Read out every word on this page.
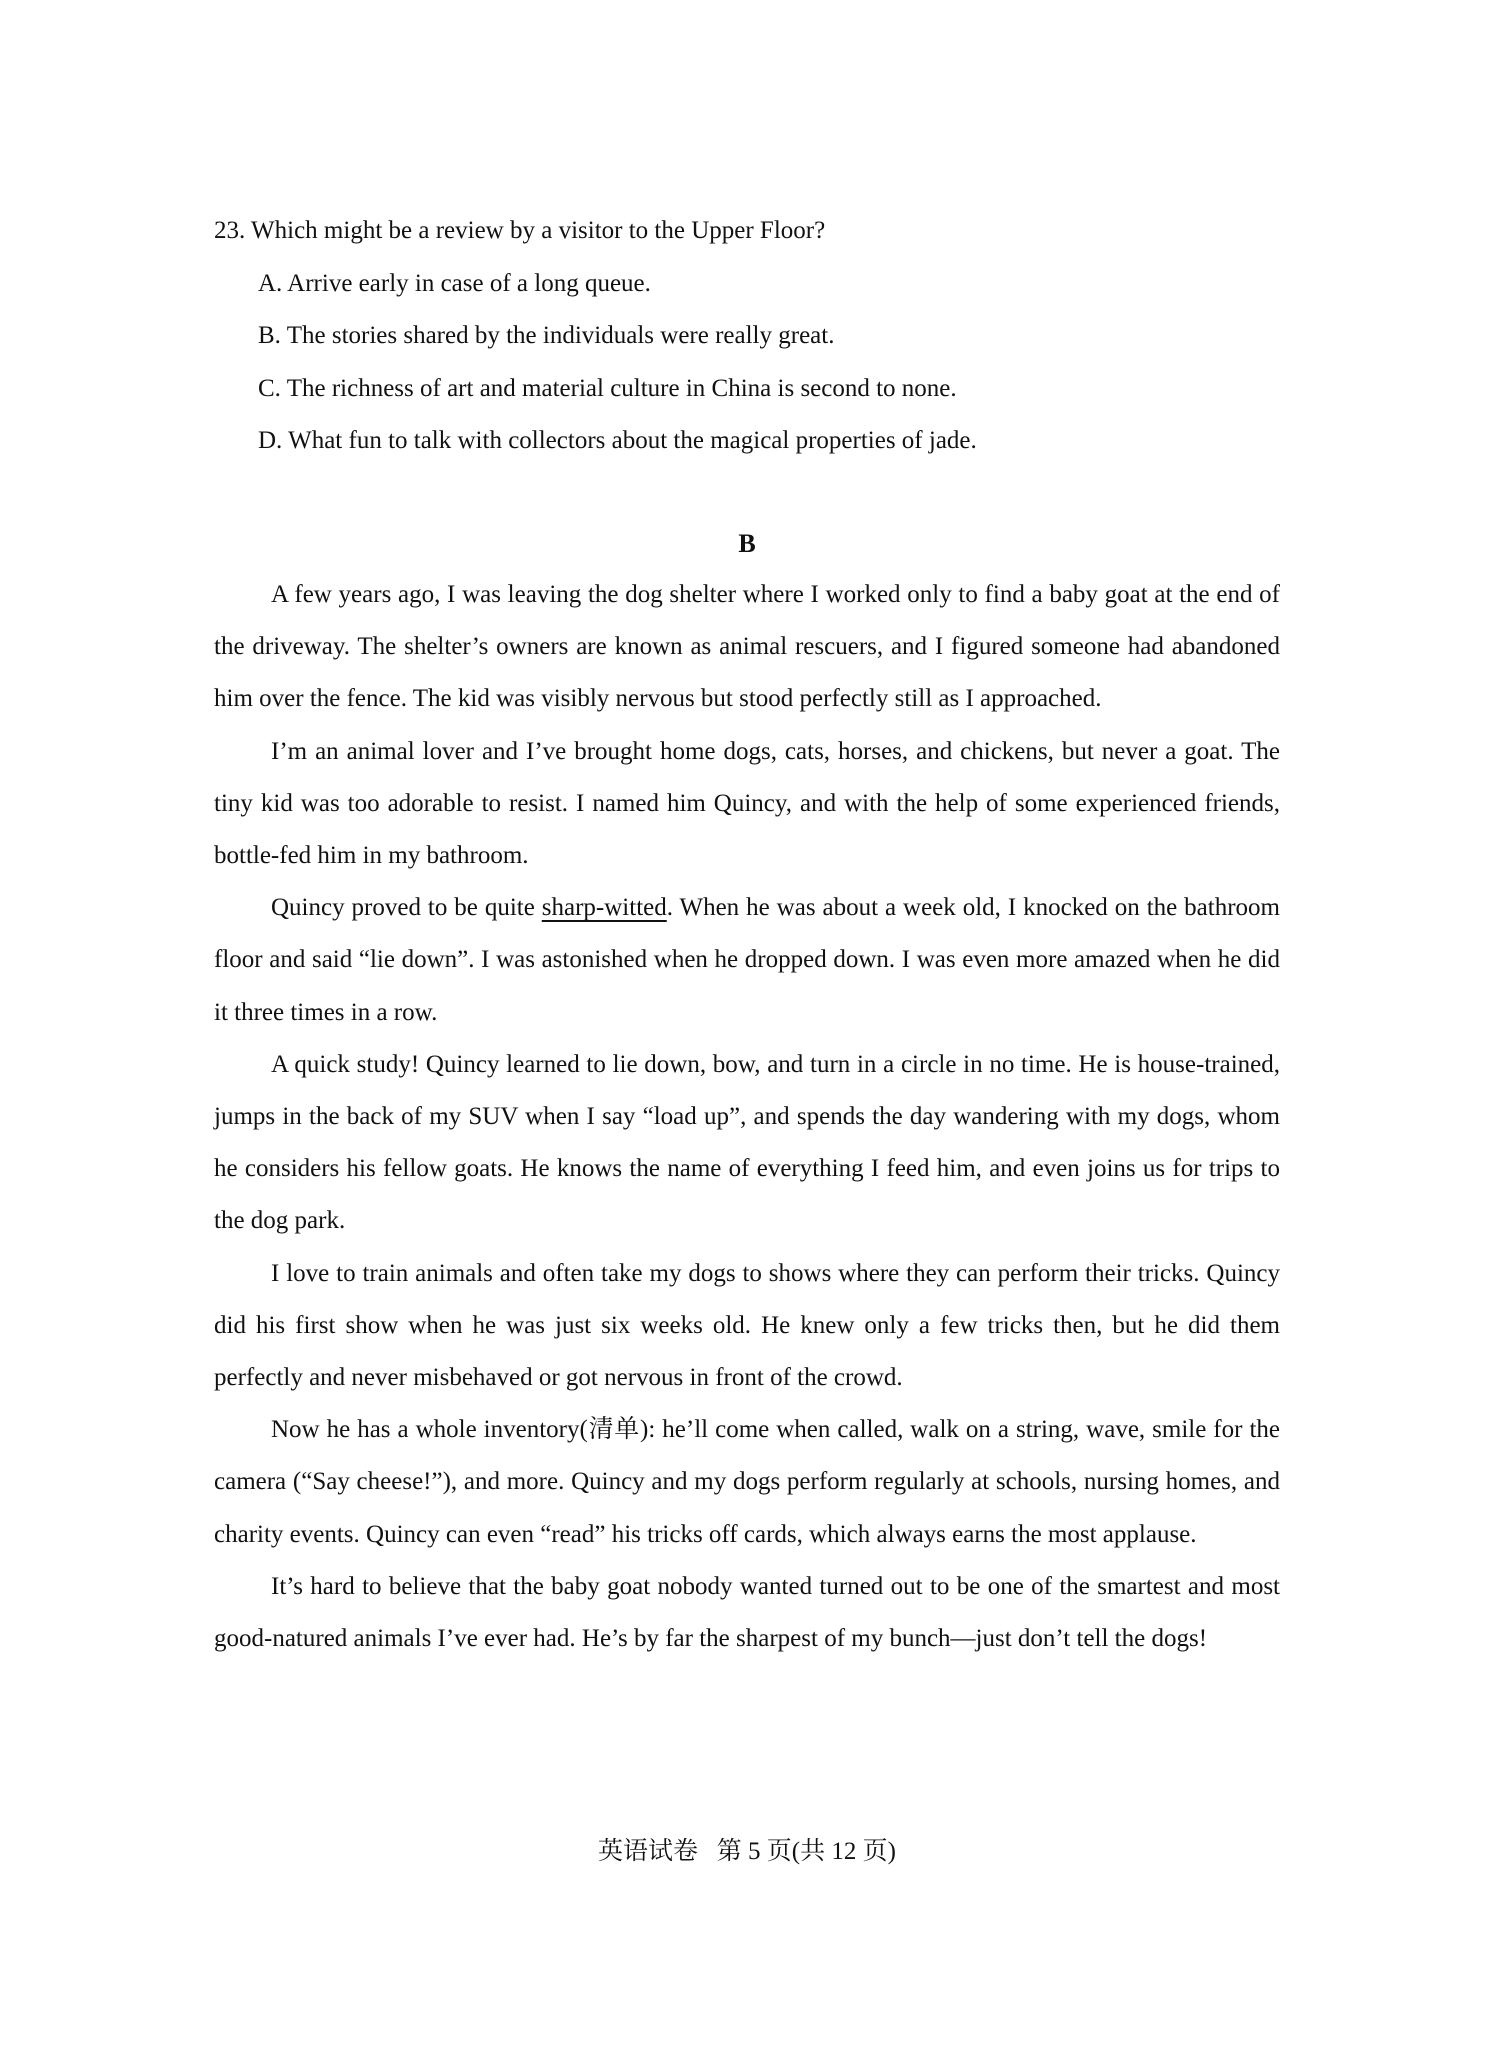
23. Which might be a review by a visitor to the Upper Floor?

A. Arrive early in case of a long queue.

B. The stories shared by the individuals were really great.

C. The richness of art and material culture in China is second to none.

D. What fun to talk with collectors about the magical properties of jade.

B

A few years ago, I was leaving the dog shelter where I worked only to find a baby goat at the end of the driveway. The shelter’s owners are known as animal rescuers, and I figured someone had abandoned him over the fence. The kid was visibly nervous but stood perfectly still as I approached.

I’m an animal lover and I’ve brought home dogs, cats, horses, and chickens, but never a goat. The tiny kid was too adorable to resist. I named him Quincy, and with the help of some experienced friends, bottle-fed him in my bathroom.

Quincy proved to be quite sharp-witted. When he was about a week old, I knocked on the bathroom floor and said “lie down”. I was astonished when he dropped down. I was even more amazed when he did it three times in a row.

A quick study! Quincy learned to lie down, bow, and turn in a circle in no time. He is house-trained, jumps in the back of my SUV when I say “load up”, and spends the day wandering with my dogs, whom he considers his fellow goats. He knows the name of everything I feed him, and even joins us for trips to the dog park.

I love to train animals and often take my dogs to shows where they can perform their tricks. Quincy did his first show when he was just six weeks old. He knew only a few tricks then, but he did them perfectly and never misbehaved or got nervous in front of the crowd.

Now he has a whole inventory(清单): he’ll come when called, walk on a string, wave, smile for the camera (“Say cheese!”), and more. Quincy and my dogs perform regularly at schools, nursing homes, and charity events. Quincy can even “read” his tricks off cards, which always earns the most applause.

It’s hard to believe that the baby goat nobody wanted turned out to be one of the smartest and most good-natured animals I’ve ever had. He’s by far the sharpest of my bunch—just don’t tell the dogs!

英语试卷   第 5 页(共 12 页)
